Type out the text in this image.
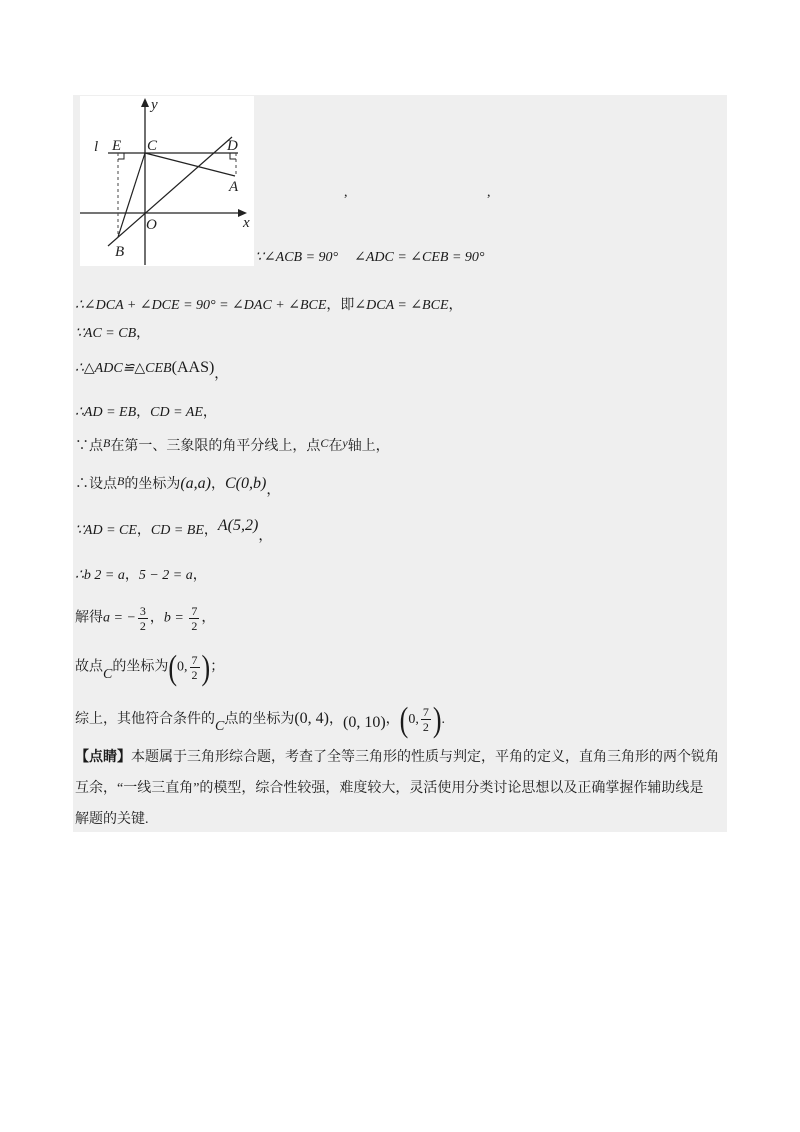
y
x
O
l E C	D
A
B
,	,
∵∠ACB = 90° ∠ADC = ∠CEB = 90°
∴∠DCA + ∠DCE = 90° = ∠DAC + ∠BCE，即∠DCA = ∠BCE，
∵AC = CB，
∴△ADC≌△CEB(AAS)，
∴AD = EB，CD = AE，
∵点B在第一、三象限的角平分线上，点C在y轴上，
∴设点B的坐标为(a,a)，C(0,b)，
∵AD = CE，CD = BE，A(5,2)，
∴b 2 = a，5 − 2 = a，
解得a = − $\frac{3}{2}$ ，$b = \frac{7}{2}$ ，
故点C的坐标为(0, $\frac{7}{2}$ )；
综上，其他符合条件的C点的坐标为(0, 4)，(0, 10)，(0, $\frac{7}{2}$ ).
【点睛】本题属于三角形综合题，考查了全等三角形的性质与判定，平角的定义，直角三角形的两个锐角
互余，“一线三直角”的模型，综合性较强，难度较大，灵活使用分类讨论思想以及正确掌握作辅助线是
解题的关键.
